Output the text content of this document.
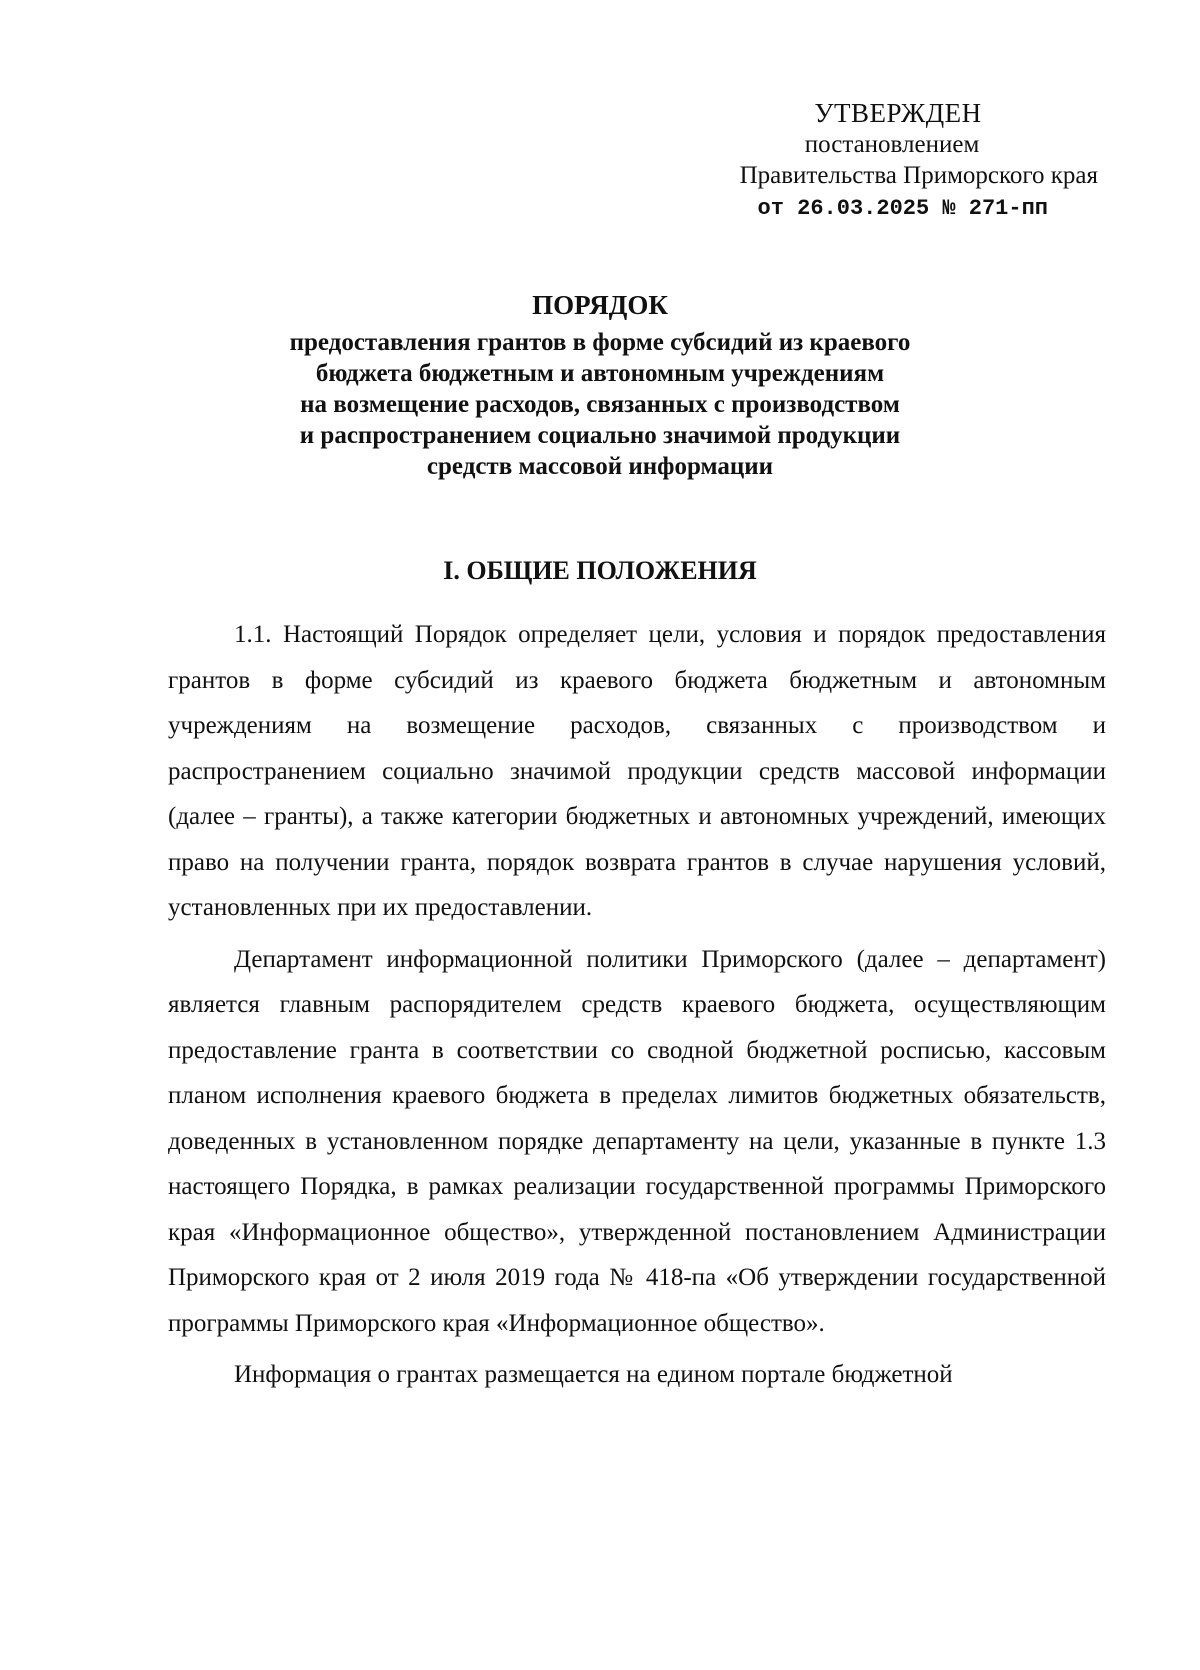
УТВЕРЖДЕН
постановлением
Правительства Приморского края
от 26.03.2025 № 271-пп
ПОРЯДОК
предоставления грантов в форме субсидий из краевого
бюджета бюджетным и автономным учреждениям
на возмещение расходов, связанных с производством
и распространением социально значимой продукции
средств массовой информации
I. ОБЩИЕ ПОЛОЖЕНИЯ

1.1. Настоящий Порядок определяет цели, условия и порядок предоставления грантов в форме субсидий из краевого бюджета бюджетным и автономным учреждениям на возмещение расходов, связанных с производством и распространением социально значимой продукции средств массовой информации (далее – гранты), а также категории бюджетных и автономных учреждений, имеющих право на получении гранта, порядок возврата грантов в случае нарушения условий, установленных при их предоставлении.

Департамент информационной политики Приморского (далее – департамент) является главным распорядителем средств краевого бюджета, осуществляющим предоставление гранта в соответствии со сводной бюджетной росписью, кассовым планом исполнения краевого бюджета в пределах лимитов бюджетных обязательств, доведенных в установленном порядке департаменту на цели, указанные в пункте 1.3 настоящего Порядка, в рамках реализации государственной программы Приморского края «Информационное общество», утвержденной постановлением Администрации Приморского края от 2 июля 2019 года № 418-па «Об утверждении государственной программы Приморского края «Информационное общество».

Информация о грантах размещается на едином портале бюджетной
